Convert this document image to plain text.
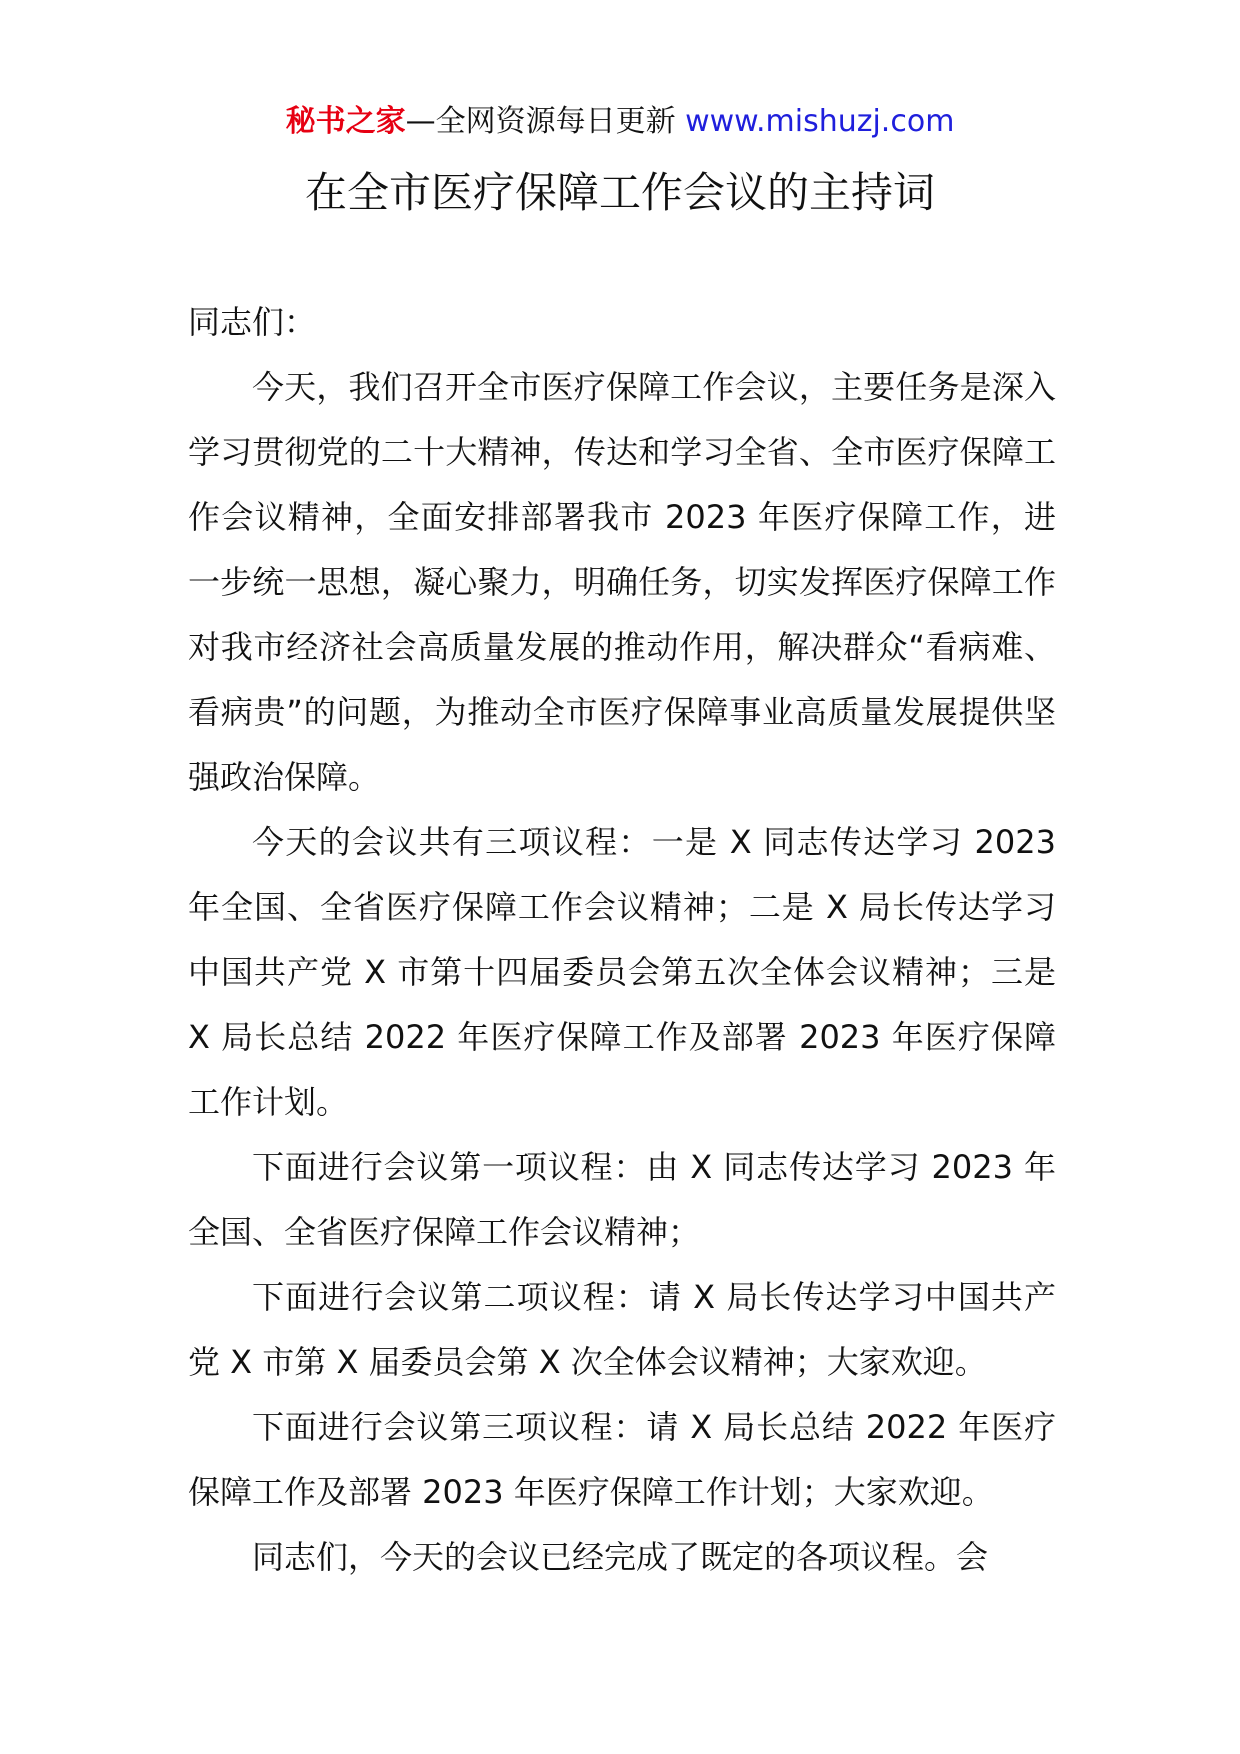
秘书之家—全网资源每日更新 www.mishuzj.com
在全市医疗保障工作会议的主持词

同志们：

今天，我们召开全市医疗保障工作会议，主要任务是深入学习贯彻党的二十大精神，传达和学习全省、全市医疗保障工作会议精神，全面安排部署我市 2023 年医疗保障工作，进一步统一思想，凝心聚力，明确任务，切实发挥医疗保障工作对我市经济社会高质量发展的推动作用，解决群众“看病难、看病贵”的问题，为推动全市医疗保障事业高质量发展提供坚强政治保障。

今天的会议共有三项议程：一是 X 同志传达学习 2023 年全国、全省医疗保障工作会议精神；二是 X 局长传达学习中国共产党 X 市第十四届委员会第五次全体会议精神；三是 X 局长总结 2022 年医疗保障工作及部署 2023 年医疗保障工作计划。

下面进行会议第一项议程：由 X 同志传达学习 2023 年全国、全省医疗保障工作会议精神；

下面进行会议第二项议程：请 X 局长传达学习中国共产党 X 市第 X 届委员会第 X 次全体会议精神；大家欢迎。

下面进行会议第三项议程：请 X 局长总结 2022 年医疗保障工作及部署 2023 年医疗保障工作计划；大家欢迎。

同志们，今天的会议已经完成了既定的各项议程。会
